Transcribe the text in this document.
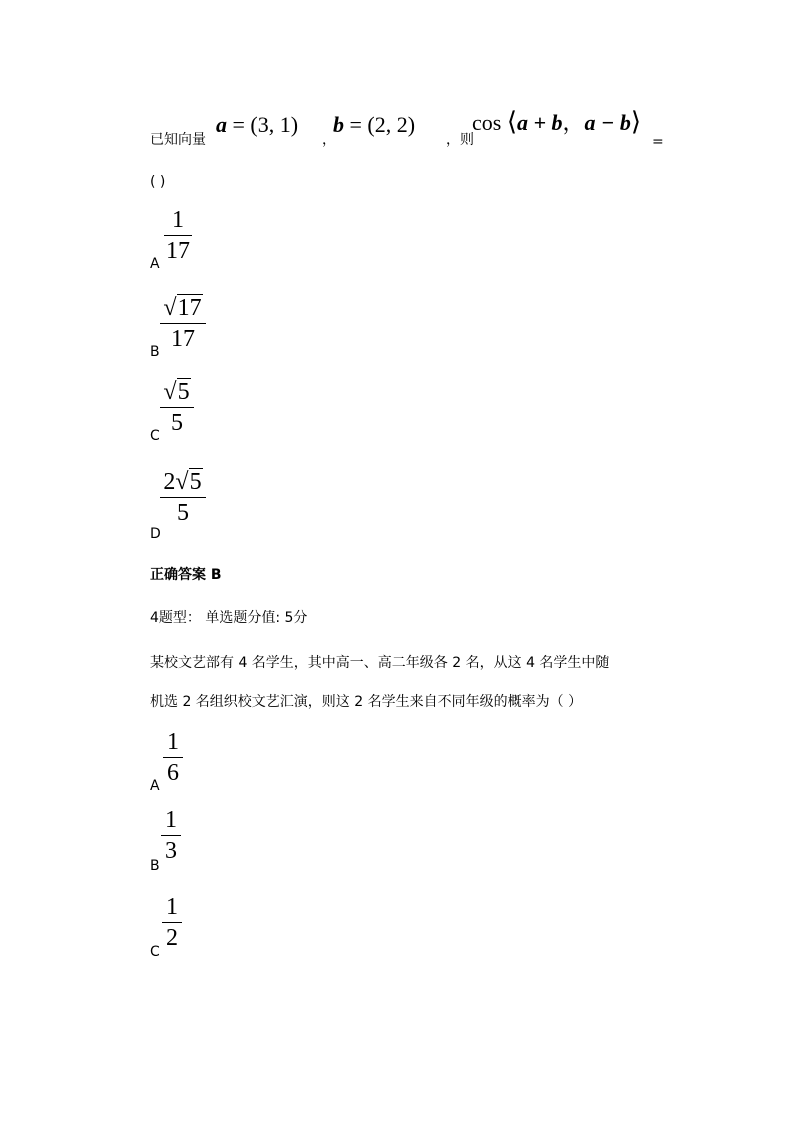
已知向量
a = (3, 1)
，
b = (2, 2)
，则
cos ⟨a + b，a − b⟩
=
( )
A
1
17
B
√17
17
C
√5
5
D
2√5
5
正确答案 B
4题型： 单选题分值: 5分
某校文艺部有 4 名学生，其中高一、高二年级各 2 名，从这 4 名学生中随
机选 2 名组织校文艺汇演，则这 2 名学生来自不同年级的概率为（ ）
A
1
6
B
1
3
C
1
2
